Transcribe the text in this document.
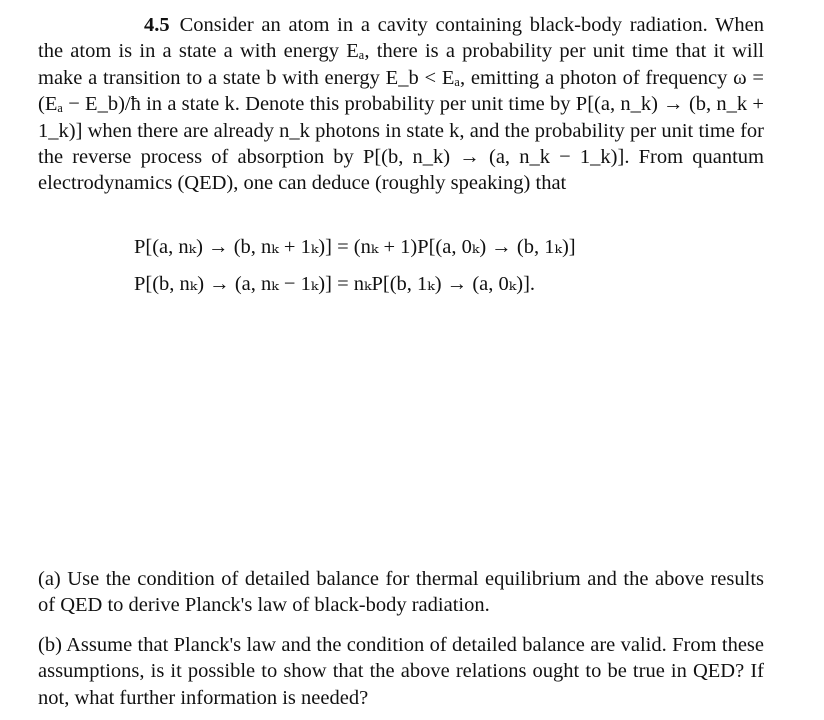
4.5 Consider an atom in a cavity containing black-body radiation. When the atom is in a state a with energy Eₐ, there is a probability per unit time that it will make a transition to a state b with energy E_b < Eₐ, emitting a photon of frequency ω = (Eₐ − E_b)/ħ in a state k. Denote this probability per unit time by P[(a, n_k) → (b, n_k + 1_k)] when there are already n_k photons in state k, and the probability per unit time for the reverse process of absorption by P[(b, n_k) → (a, n_k − 1_k)]. From quantum electrodynamics (QED), one can deduce (roughly speaking) that

P[(a, nₖ) → (b, nₖ + 1ₖ)] = (nₖ + 1)P[(a, 0ₖ) → (b, 1ₖ)]
P[(b, nₖ) → (a, nₖ − 1ₖ)] = nₖP[(b, 1ₖ) → (a, 0ₖ)].

(a) Use the condition of detailed balance for thermal equilibrium and the above results of QED to derive Planck's law of black-body radiation.

(b) Assume that Planck's law and the condition of detailed balance are valid. From these assumptions, is it possible to show that the above relations ought to be true in QED? If not, what further information is needed?
